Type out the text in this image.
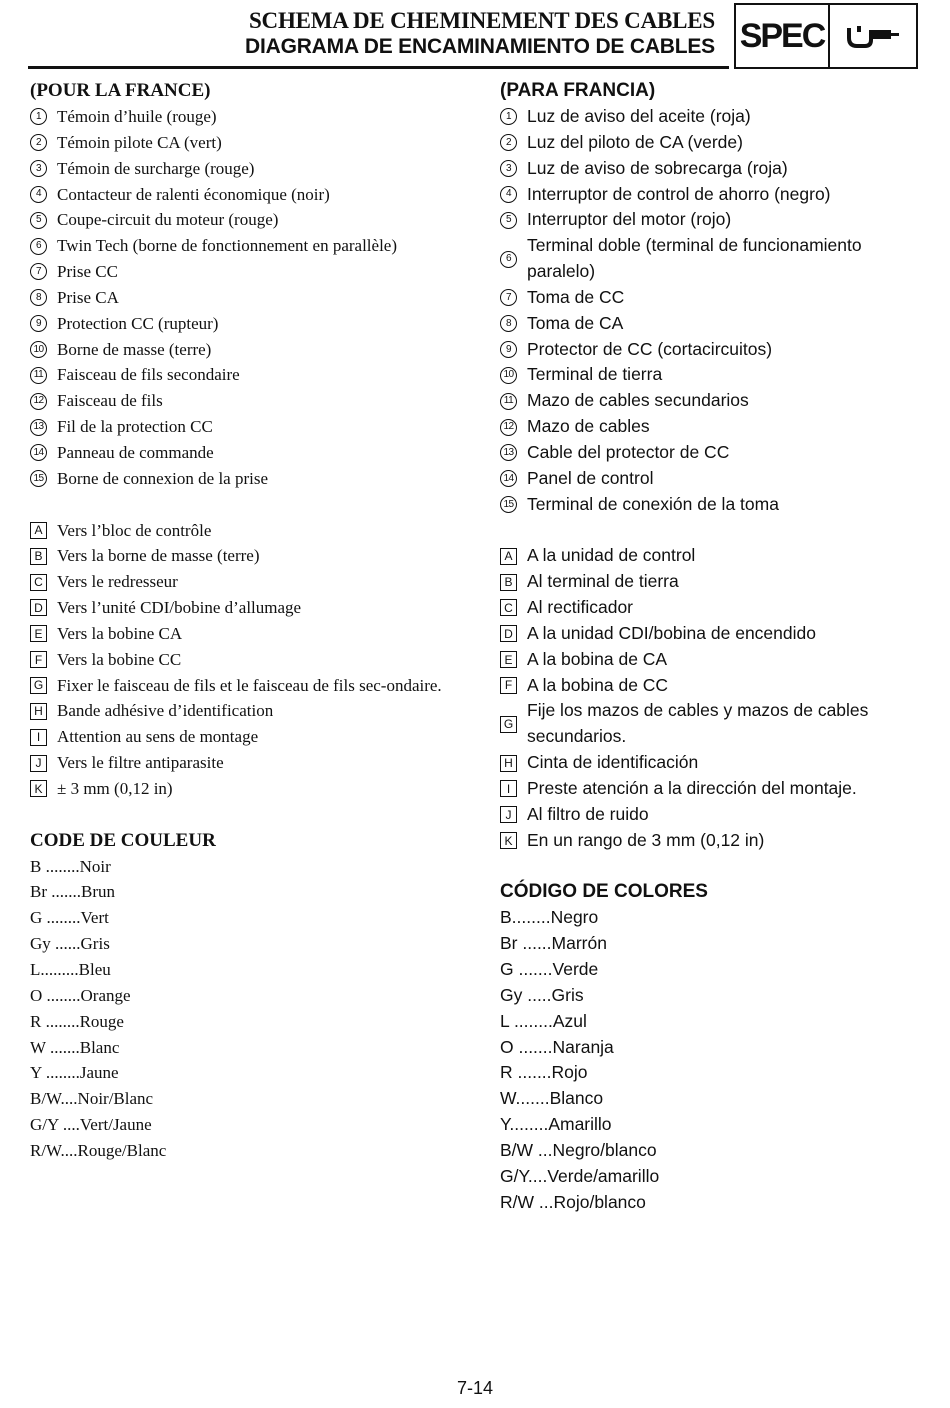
SCHEMA DE CHEMINEMENT DES CABLES
DIAGRAMA DE ENCAMINAMIENTO DE CABLES SPEC
(POUR LA FRANCE)
1 Témoin d’huile (rouge)
2 Témoin pilote CA (vert)
3 Témoin de surcharge (rouge)
4 Contacteur de ralenti économique (noir)
5 Coupe-circuit du moteur (rouge)
6 Twin Tech (borne de fonctionnement en parallèle)
7 Prise CC
8 Prise CA
9 Protection CC (rupteur)
10 Borne de masse (terre)
11 Faisceau de fils secondaire
12 Faisceau de fils
13 Fil de la protection CC
14 Panneau de commande
15 Borne de connexion de la prise
A Vers l’bloc de contrôle
B Vers la borne de masse (terre)
C Vers le redresseur
D Vers l’unité CDI/bobine d’allumage
E Vers la bobine CA
F Vers la bobine CC
G Fixer le faisceau de fils et le faisceau de fils sec-ondaire.
H Bande adhésive d’identification
I Attention au sens de montage
J Vers le filtre antiparasite
K ± 3 mm (0,12 in)
CODE DE COULEUR
B ........Noir
Br .......Brun
G ........Vert
Gy ......Gris
L.........Bleu
O ........Orange
R ........Rouge
W .......Blanc
Y ........Jaune
B/W....Noir/Blanc
G/Y ....Vert/Jaune
R/W....Rouge/Blanc
(PARA FRANCIA)
1 Luz de aviso del aceite (roja)
2 Luz del piloto de CA (verde)
3 Luz de aviso de sobrecarga (roja)
4 Interruptor de control de ahorro (negro)
5 Interruptor del motor (rojo)
6
Terminal doble (terminal de funcionamiento paralelo)
7 Toma de CC
8 Toma de CA
9 Protector de CC (cortacircuitos)
10 Terminal de tierra
11 Mazo de cables secundarios
12 Mazo de cables
13 Cable del protector de CC
14 Panel de control
15 Terminal de conexión de la toma
A A la unidad de control
B Al terminal de tierra
C Al rectificador
D A la unidad CDI/bobina de encendido
E A la bobina de CA
F A la bobina de CC
G
Fije los mazos de cables y mazos de cables secundarios.
H Cinta de identificación
I Preste atención a la dirección del montaje.
J Al filtro de ruido
K En un rango de 3 mm (0,12 in)
CÓDIGO DE COLORES
B........Negro
Br ......Marrón
G .......Verde
Gy .....Gris
L ........Azul
O .......Naranja
R .......Rojo
W.......Blanco
Y........Amarillo
B/W ...Negro/blanco
G/Y....Verde/amarillo
R/W ...Rojo/blanco
7-14
